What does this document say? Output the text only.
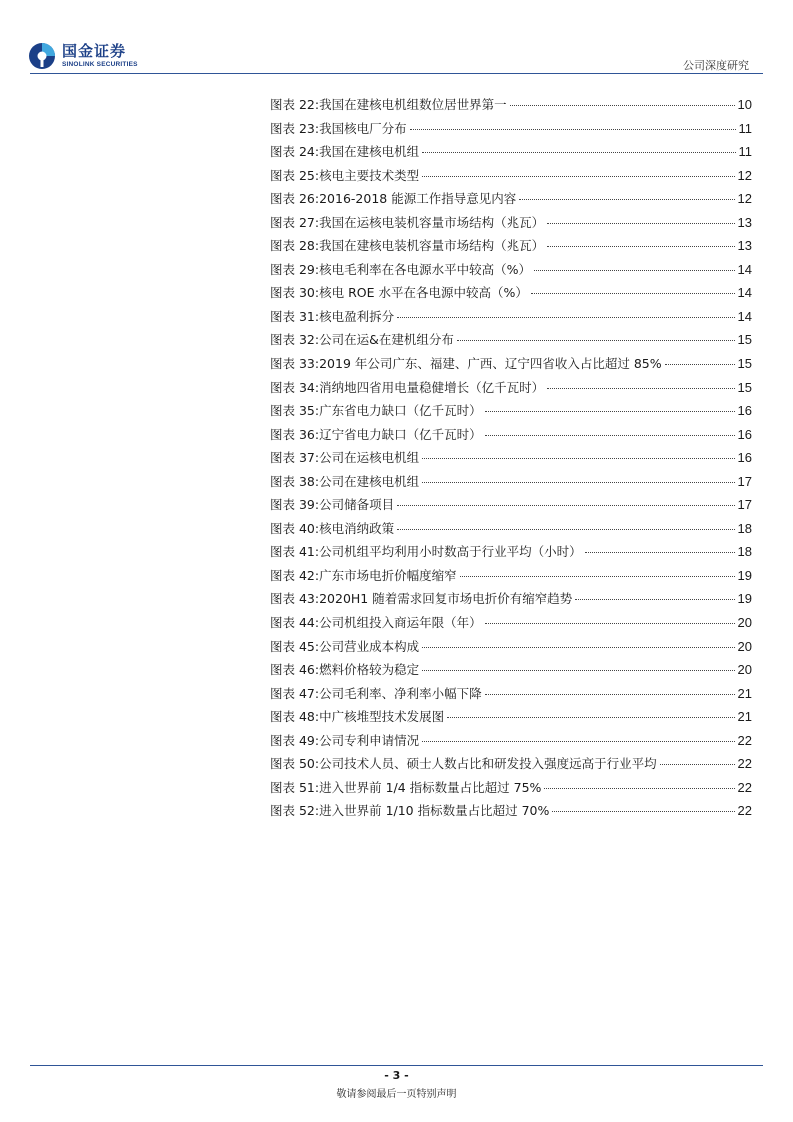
国金证券
SINOLINK SECURITIES	公司深度研究
图表 22: 我国在建核电机组数位居世界第一	10
图表 23: 我国核电厂分布	11
图表 24: 我国在建核电机组	11
图表 25: 核电主要技术类型	12
图表 26: 2016-2018 能源工作指导意见内容	12
图表 27: 我国在运核电装机容量市场结构（兆瓦）	13
图表 28: 我国在建核电装机容量市场结构（兆瓦）	13
图表 29: 核电毛利率在各电源水平中较高（%）	14
图表 30: 核电 ROE 水平在各电源中较高（%）	14
图表 31: 核电盈利拆分	14
图表 32: 公司在运&在建机组分布	15
图表 33: 2019 年公司广东、福建、广西、辽宁四省收入占比超过 85%	15
图表 34: 消纳地四省用电量稳健增长（亿千瓦时）	15
图表 35: 广东省电力缺口（亿千瓦时）	16
图表 36: 辽宁省电力缺口（亿千瓦时）	16
图表 37: 公司在运核电机组	16
图表 38: 公司在建核电机组	17
图表 39: 公司储备项目	17
图表 40: 核电消纳政策	18
图表 41: 公司机组平均利用小时数高于行业平均（小时）	18
图表 42: 广东市场电折价幅度缩窄	19
图表 43: 2020H1 随着需求回复市场电折价有缩窄趋势	19
图表 44: 公司机组投入商运年限（年）	20
图表 45: 公司营业成本构成	20
图表 46: 燃料价格较为稳定	20
图表 47: 公司毛利率、净利率小幅下降	21
图表 48: 中广核堆型技术发展图	21
图表 49: 公司专利申请情况	22
图表 50: 公司技术人员、硕士人数占比和研发投入强度远高于行业平均	22
图表 51: 进入世界前 1/4 指标数量占比超过 75%	22
图表 52: 进入世界前 1/10 指标数量占比超过 70%	22
- 3 -
敬请参阅最后一页特别声明
